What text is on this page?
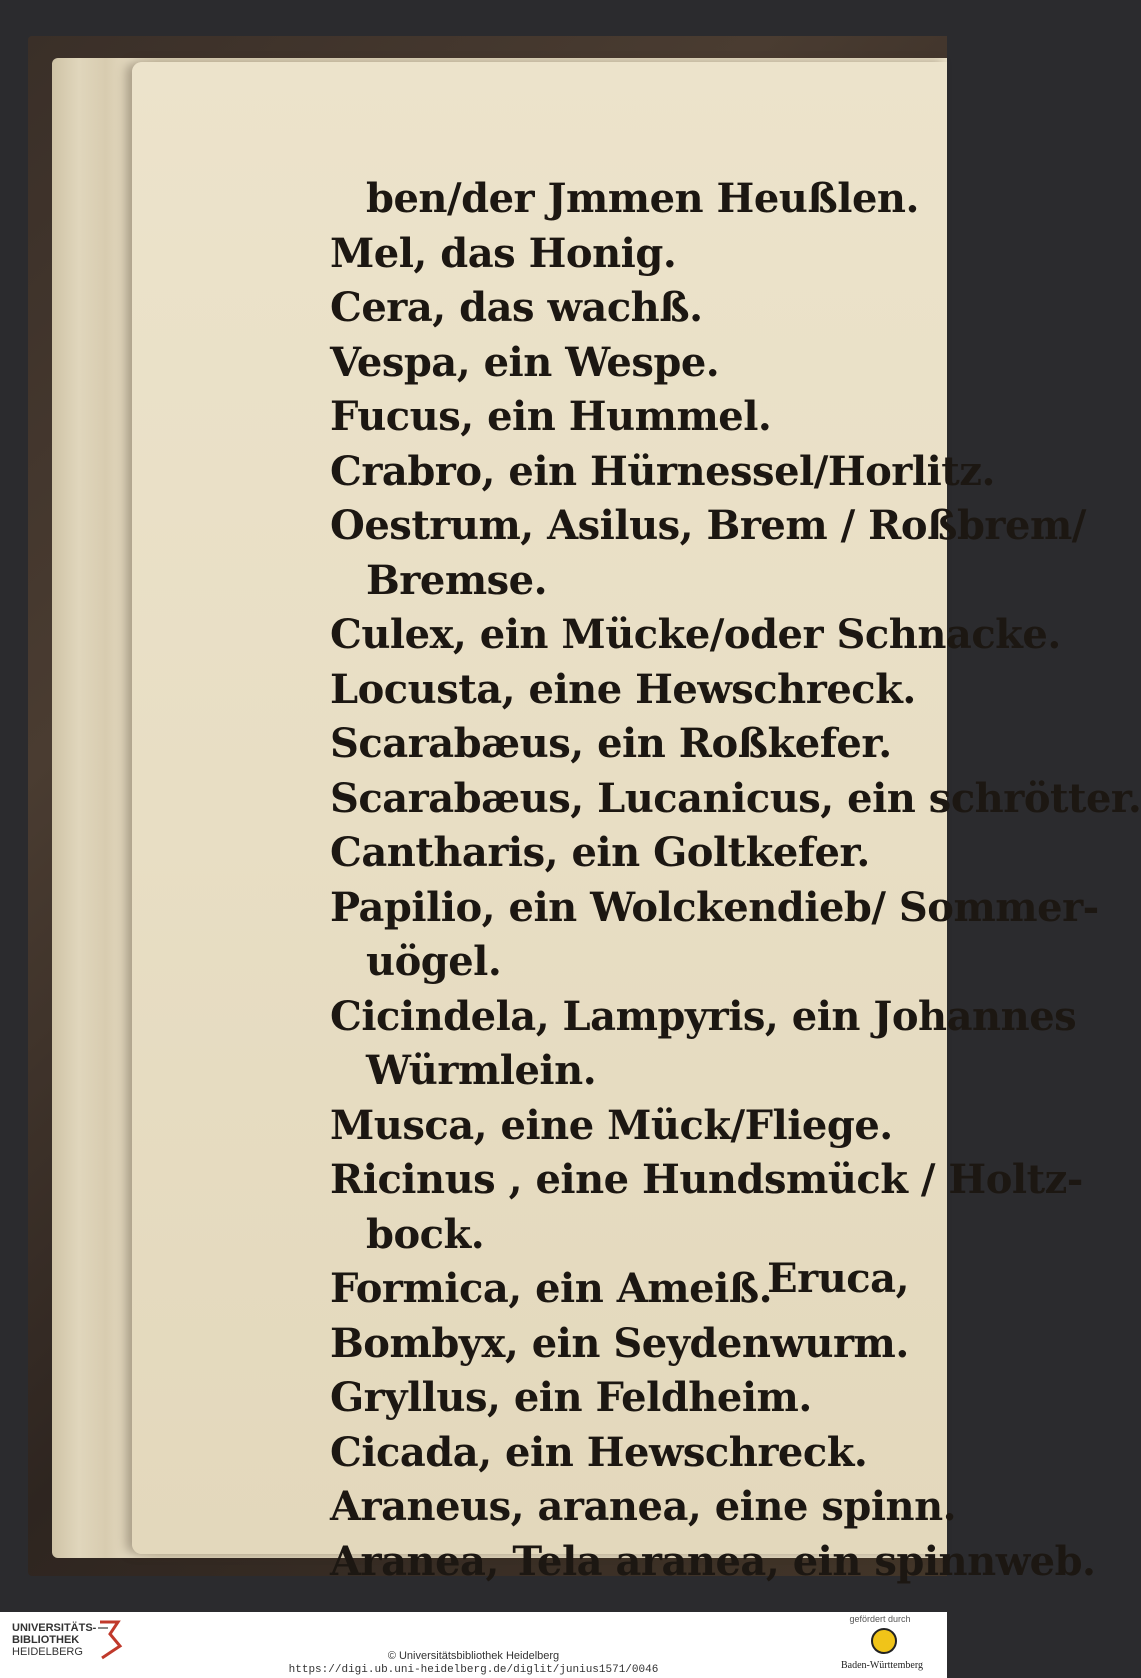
ben/der Jmmen Heußlen.
Mel, das Honig.
Cera, das wachß.
Vespa, ein Wespe.
Fucus, ein Hummel.
Crabro, ein Hürnessel/Horlitz.
Oestrum, Asilus, Brem / Roßbrem/
Bremse.
Culex, ein Mücke/oder Schnacke.
Locusta, eine Hewschreck.
Scarabæus, ein Roßkefer.
Scarabæus, Lucanicus, ein schrötter.
Cantharis, ein Goltkefer.
Papilio, ein Wolckendieb/ Sommer-
uögel.
Cicindela, Lampyris, ein Johannes
Würmlein.
Musca, eine Mück/Fliege.
Ricinus , eine Hundsmück / Holtz-
bock.
Formica, ein Ameiß.
Bombyx, ein Seydenwurm.
Gryllus, ein Feldheim.
Cicada, ein Hewschreck.
Araneus, aranea, eine spinn.
Aranea, Tela aranea, ein spinnweb.
Eruca,
UNIVERSITÄTS-
BIBLIOTHEK
HEIDELBERG	© Universitätsbibliothek Heidelberg
https://digi.ub.uni-heidelberg.de/diglit/junius1571/0046
gefördert durch
Baden-Württemberg
